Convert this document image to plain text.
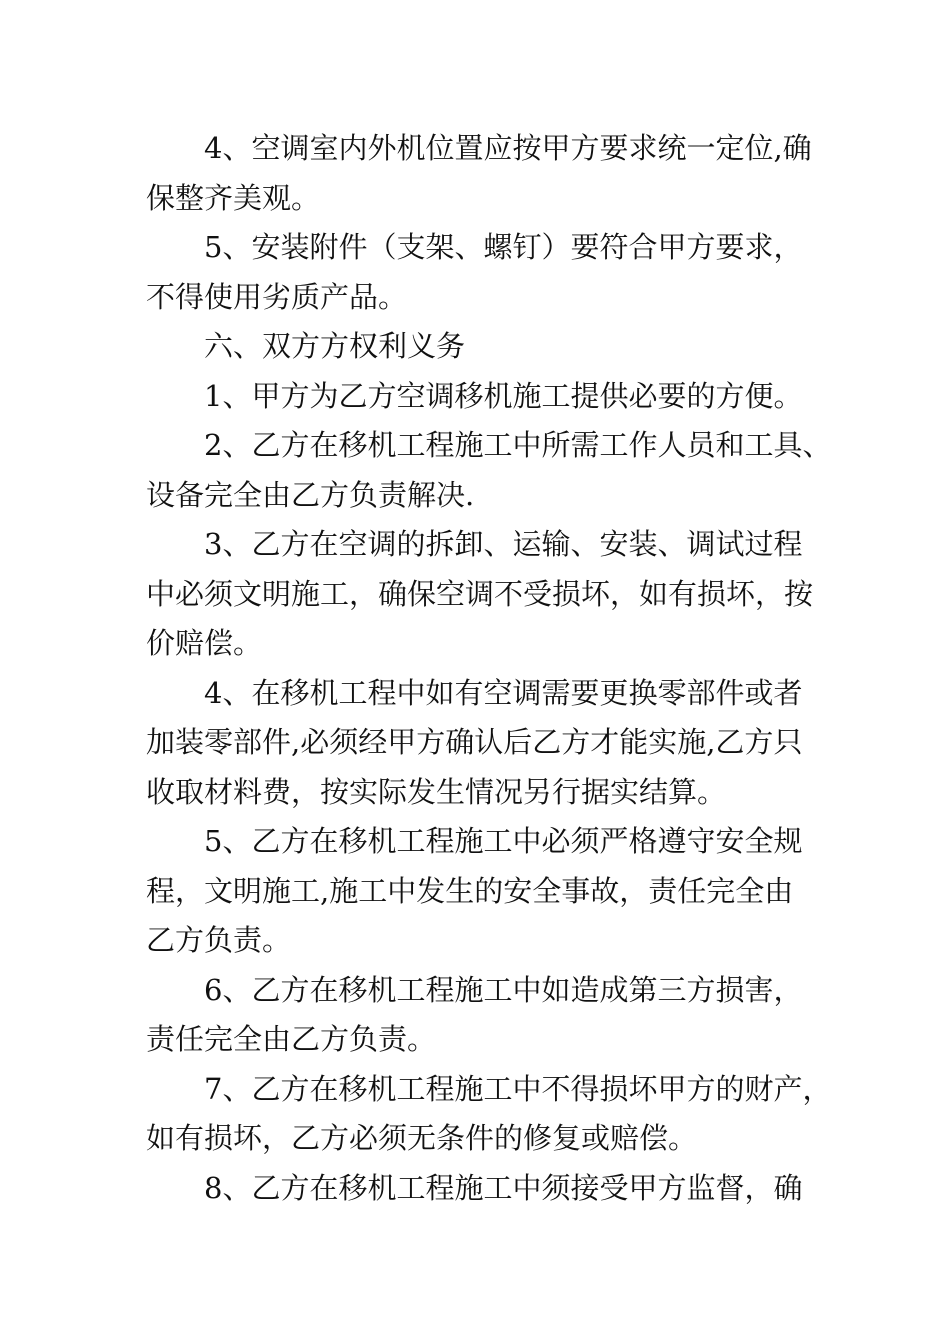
4、空调室内外机位置应按甲方要求统一定位,确
保整齐美观。

5、安装附件（支架、螺钉）要符合甲方要求，
不得使用劣质产品。

六、双方方权利义务

1、甲方为乙方空调移机施工提供必要的方便。

2、乙方在移机工程施工中所需工作人员和工具、
设备完全由乙方负责解决.

3、乙方在空调的拆卸、运输、安装、调试过程
中必须文明施工，确保空调不受损坏，如有损坏，按
价赔偿。

4、在移机工程中如有空调需要更换零部件或者
加装零部件,必须经甲方确认后乙方才能实施,乙方只
收取材料费，按实际发生情况另行据实结算。

5、乙方在移机工程施工中必须严格遵守安全规
程，文明施工,施工中发生的安全事故，责任完全由
乙方负责。

6、乙方在移机工程施工中如造成第三方损害，
责任完全由乙方负责。

7、乙方在移机工程施工中不得损坏甲方的财产，
如有损坏，乙方必须无条件的修复或赔偿。

8、乙方在移机工程施工中须接受甲方监督，确
